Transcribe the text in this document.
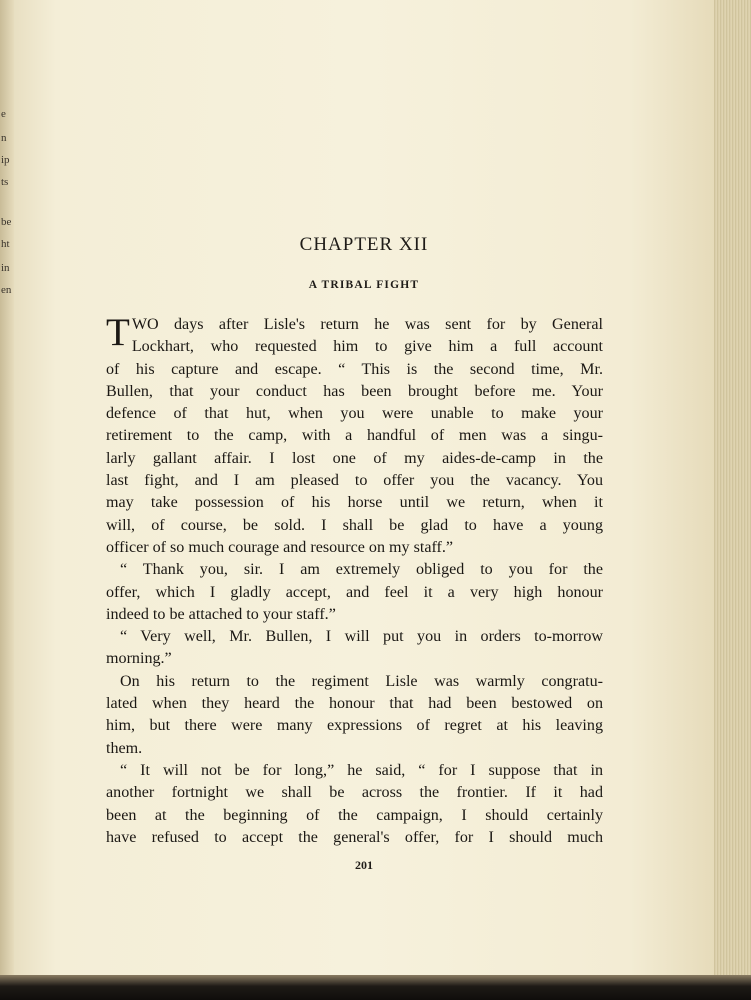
e
n
ip
ts
be
ht
in
en
CHAPTER XII
A TRIBAL FIGHT
T WO days after Lisle's return he was sent for by General
Lockhart, who requested him to give him a full account
of his capture and escape. “ This is the second time, Mr.
Bullen, that your conduct has been brought before me. Your
defence of that hut, when you were unable to make your
retirement to the camp, with a handful of men was a singu-
larly gallant affair. I lost one of my aides-de-camp in the
last fight, and I am pleased to offer you the vacancy. You
may take possession of his horse until we return, when it
will, of course, be sold. I shall be glad to have a young
officer of so much courage and resource on my staff.”
“ Thank you, sir. I am extremely obliged to you for the
offer, which I gladly accept, and feel it a very high honour
indeed to be attached to your staff.”
“ Very well, Mr. Bullen, I will put you in orders to-morrow
morning.”
On his return to the regiment Lisle was warmly congratu-
lated when they heard the honour that had been bestowed on
him, but there were many expressions of regret at his leaving
them.
“ It will not be for long,” he said, “ for I suppose that in
another fortnight we shall be across the frontier. If it had
been at the beginning of the campaign, I should certainly
have refused to accept the general's offer, for I should much
201
